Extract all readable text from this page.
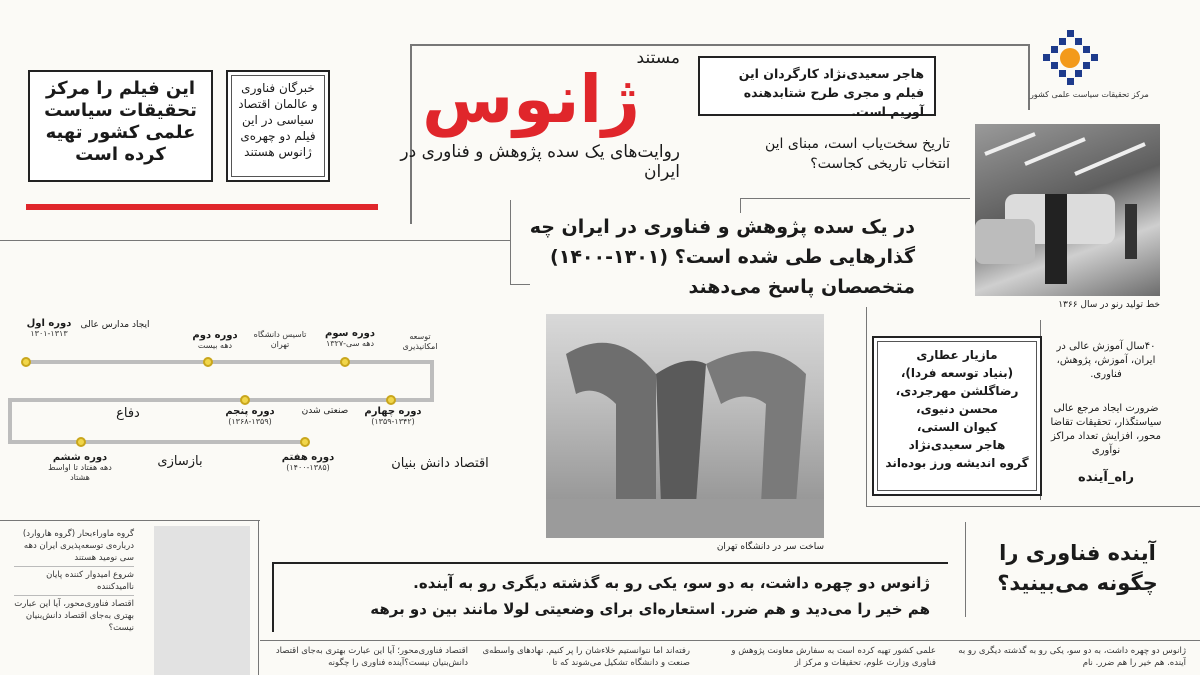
این فیلم را مرکز تحقیقات سیاست علمی کشور تهیه کرده است
خبرگان فناوری و عالمان اقتصاد سیاسی در این فیلم دو چهره‌ی ژانوس هستند
مستند
ژانوس
روایت‌های یک سده پژوهش و فناوری در ایران
هاجر سعیدی‌نژاد کارگردان این فیلم و مجری طرح شتابدهنده آوریم است.
تاریخ سخت‌یاب است، مبنای این انتخاب تاریخی کجاست؟
مرکز تحقیقات سیاست علمی کشور
خط تولید رنو در سال ۱۳۶۶
در یک سده پژوهش و فناوری در ایران چه
گذارهایی طی شده است؟ (۱۳۰۱-۱۴۰۰)
متخصصان پاسخ می‌دهند
دوره اول
۱۳۰۱-۱۳۱۳
ایجاد مدارس عالی
دوره دوم
دهه بیست
تاسیس دانشگاه تهران
دوره سوم
دهه سی-۱۳۲۷
توسعه امکانیذیری
دوره چهارم
(۱۳۵۹-۱۳۴۲)
صنعتی شدن
دوره پنجم
(۱۳۶۸-۱۳۵۹)
دفاع
دوره ششم
دهه هفتاد تا اواسط هشتاد
بازسازی	دوره هفتم
(۱۴۰۰-۱۳۸۵)	اقتصاد دانش بنیان
ساخت سر در دانشگاه تهران
مازیار عطاری
(بنیاد توسعه فردا)،
رضاگلشن مهرجردی،
محسن دنیوی،
کیوان الستی،
هاجر سعیدی‌نژاد
گروه اندیشه ورز بوده‌اند
۴۰سال آموزش عالی در ایران، آموزش، پژوهش، فناوری.
ضرورت ایجاد مرجع عالی سیاستگذار، تحقیقات تقاضا محور، افزایش تعداد مراکز نوآوری
راه_آینده
آینده فناوری را چگونه می‌بینید؟
ژانوس دو چهره داشت، به دو سو، یکی رو به گذشته دیگری رو به آینده.
هم خیر را می‌دید و هم ضرر. استعاره‌ای برای وضعیتی لولا مانند بین دو برهه
گروه ماوراءبحار (گروه هاروارد) درباره‌ی توسعه‌پذیری ایران دهه سی نومید هستند
شروع امیدوار کننده پایان ناامیدکننده
اقتصاد فناوری‌محور، آیا این عبارت بهتری به‌جای اقتصاد دانش‌بنیان نیست؟
اقتصاد فناوری‌محور؛ آیا این عبارت بهتری به‌جای اقتصاد دانش‌بنیان نیست؟آینده فناوری را چگونه
رفته‌اند اما نتوانستیم خلاءشان را پر کنیم. نهادهای واسطه‌ی صنعت و دانشگاه تشکیل می‌شوند که تا
علمی کشور تهیه کرده است به سفارش معاونت پژوهش و فناوری وزارت علوم، تحقیقات و مرکز از
ژانوس دو چهره داشت، به دو سو، یکی رو به گذشته دیگری رو به آینده. هم خیر را هم ضرر. نام
